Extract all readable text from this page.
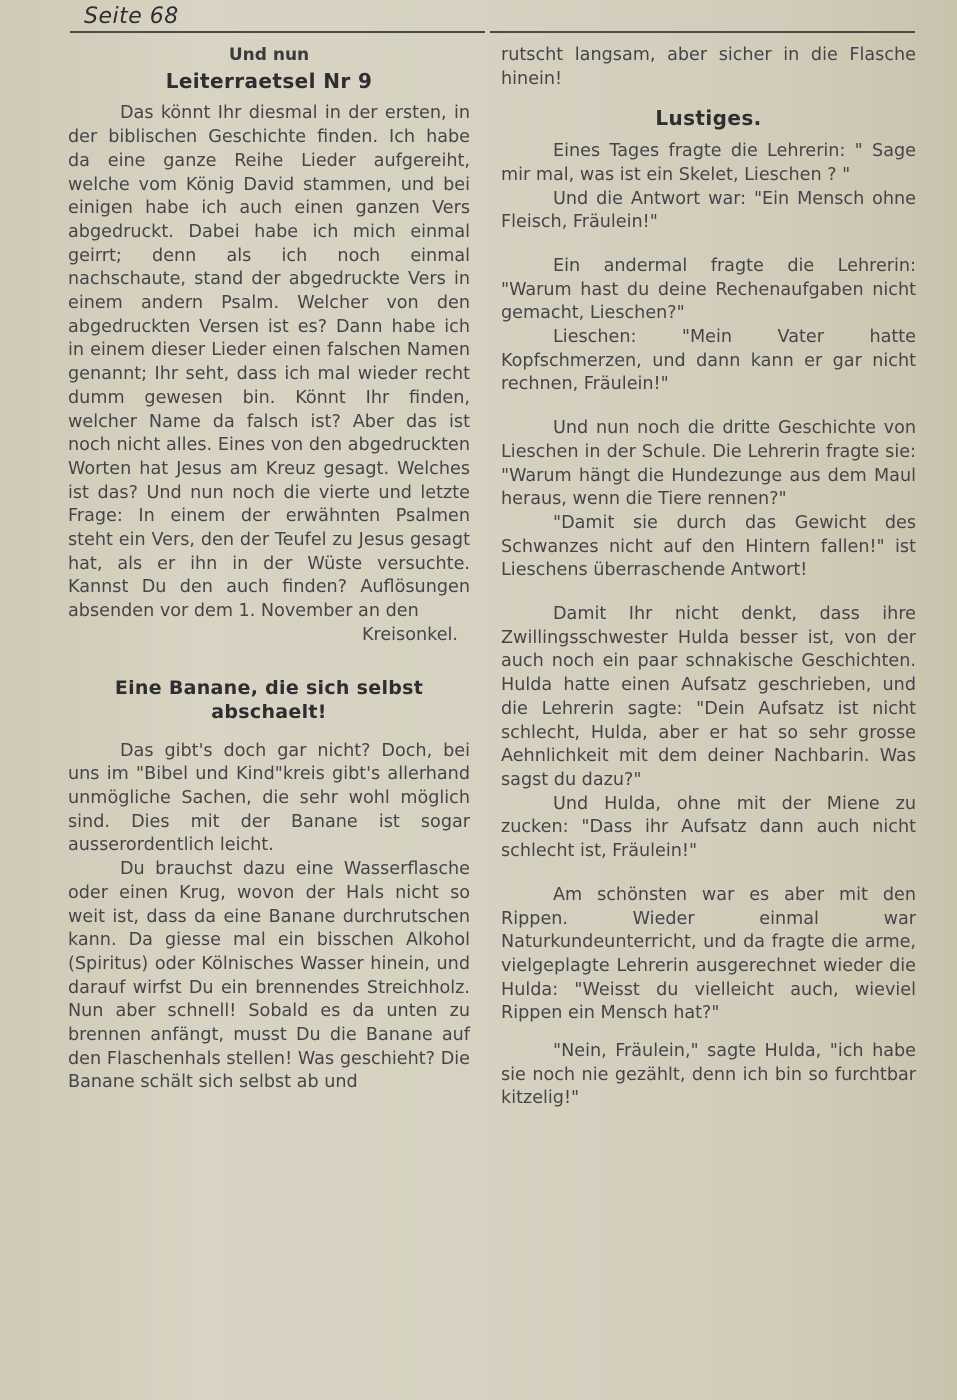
Seite 68
Und nun
Leiterraetsel Nr 9

Das könnt Ihr diesmal in der ersten, in der biblischen Geschichte finden. Ich habe da eine ganze Reihe Lieder aufgereiht, welche vom König David stammen, und bei einigen habe ich auch einen ganzen Vers abgedruckt. Dabei habe ich mich einmal geirrt; denn als ich noch einmal nachschaute, stand der abgedruckte Vers in einem andern Psalm. Welcher von den abgedruckten Versen ist es? Dann habe ich in einem dieser Lieder einen falschen Namen genannt; Ihr seht, dass ich mal wieder recht dumm gewesen bin. Könnt Ihr finden, welcher Name da falsch ist? Aber das ist noch nicht alles. Eines von den abgedruckten Worten hat Jesus am Kreuz gesagt. Welches ist das? Und nun noch die vierte und letzte Frage: In einem der erwähnten Psalmen steht ein Vers, den der Teufel zu Jesus gesagt hat, als er ihn in der Wüste versuchte. Kannst Du den auch finden? Auflösungen absenden vor dem 1. November an den

Kreisonkel.

Eine Banane, die sich selbst abschaelt!

Das gibt's doch gar nicht? Doch, bei uns im "Bibel und Kind"kreis gibt's allerhand unmögliche Sachen, die sehr wohl möglich sind. Dies mit der Banane ist sogar ausserordentlich leicht.

Du brauchst dazu eine Wasserflasche oder einen Krug, wovon der Hals nicht so weit ist, dass da eine Banane durchrutschen kann. Da giesse mal ein bisschen Alkohol (Spiritus) oder Kölnisches Wasser hinein, und darauf wirfst Du ein brennendes Streichholz. Nun aber schnell! Sobald es da unten zu brennen anfängt, musst Du die Banane auf den Flaschenhals stellen! Was geschieht? Die Banane schält sich selbst ab und

rutscht langsam, aber sicher in die Flasche hinein!

Lustiges.

Eines Tages fragte die Lehrerin: " Sage mir mal, was ist ein Skelet, Lieschen ? "

Und die Antwort war: "Ein Mensch ohne Fleisch, Fräulein!"

Ein andermal fragte die Lehrerin: "Warum hast du deine Rechenaufgaben nicht gemacht, Lieschen?"

Lieschen: "Mein Vater hatte Kopfschmerzen, und dann kann er gar nicht rechnen, Fräulein!"

Und nun noch die dritte Geschichte von Lieschen in der Schule. Die Lehrerin fragte sie: "Warum hängt die Hundezunge aus dem Maul heraus, wenn die Tiere rennen?"

"Damit sie durch das Gewicht des Schwanzes nicht auf den Hintern fallen!" ist Lieschens überraschende Antwort!

Damit Ihr nicht denkt, dass ihre Zwillingsschwester Hulda besser ist, von der auch noch ein paar schnakische Geschichten. Hulda hatte einen Aufsatz geschrieben, und die Lehrerin sagte: "Dein Aufsatz ist nicht schlecht, Hulda, aber er hat so sehr grosse Aehnlichkeit mit dem deiner Nachbarin. Was sagst du dazu?"

Und Hulda, ohne mit der Miene zu zucken: "Dass ihr Aufsatz dann auch nicht schlecht ist, Fräulein!"

Am schönsten war es aber mit den Rippen. Wieder einmal war Naturkundeunterricht, und da fragte die arme, vielgeplagte Lehrerin ausgerechnet wieder die Hulda: "Weisst du vielleicht auch, wieviel Rippen ein Mensch hat?"

"Nein, Fräulein," sagte Hulda, "ich habe sie noch nie gezählt, denn ich bin so furchtbar kitzelig!"
